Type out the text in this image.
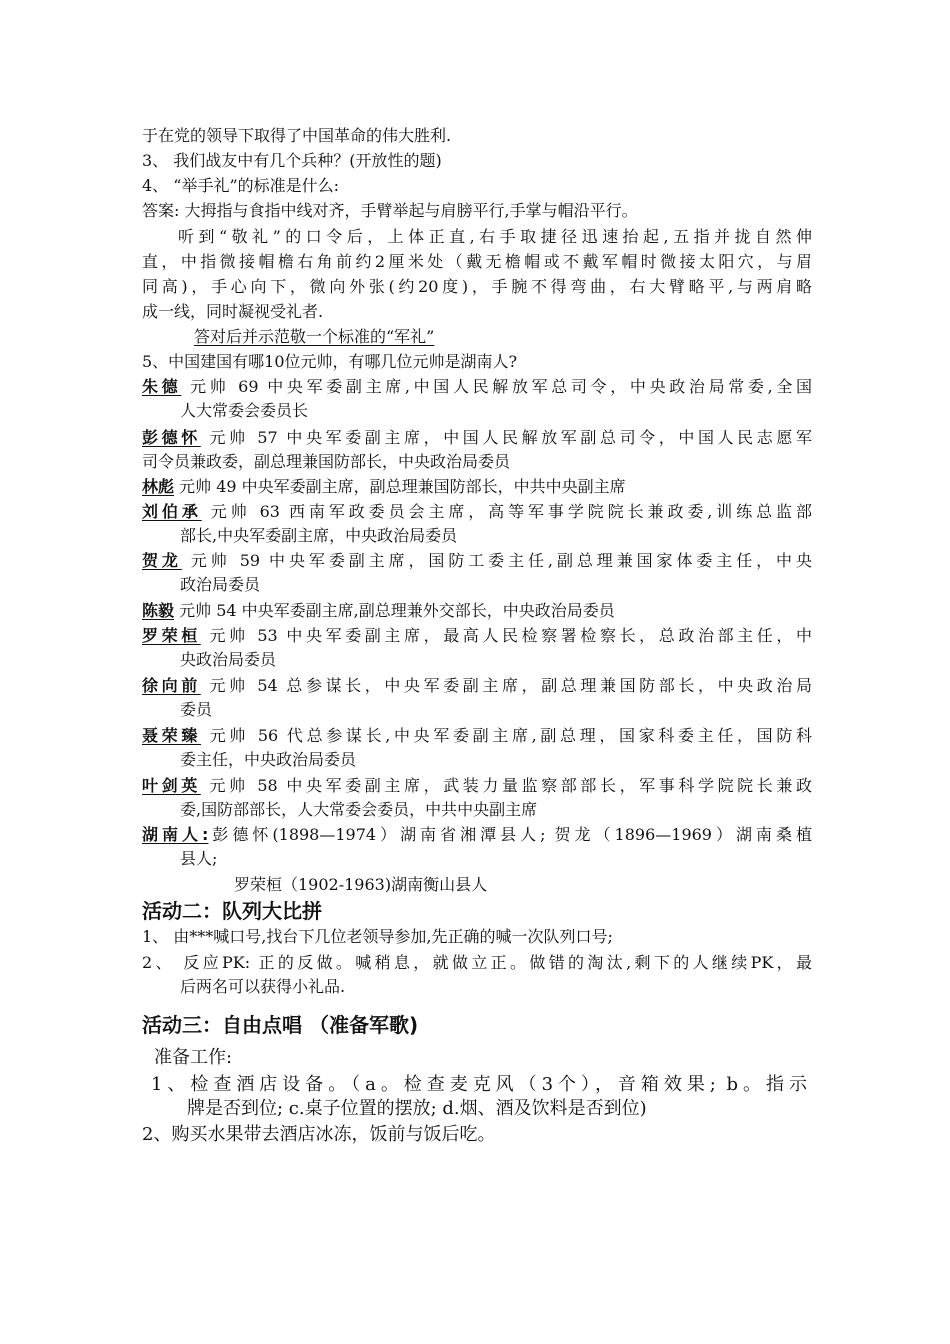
于在党的领导下取得了中国革命的伟大胜利.
3、 我们战友中有几个兵种？(开放性的题)
4、 “举手礼”的标准是什么:
答案: 大拇指与食指中线对齐，手臂举起与肩膀平行,手掌与帽沿平行。
听到“敬礼”的口令后，上体正直,右手取捷径迅速抬起,五指并拢自然伸
直，中指微接帽檐右角前约2厘米处（戴无檐帽或不戴军帽时微接太阳穴，与眉
同高)，手心向下，微向外张(约20度)，手腕不得弯曲，右大臂略平,与两肩略
成一线，同时凝视受礼者.
答对后并示范敬一个标准的“军礼”
5、中国建国有哪10位元帅，有哪几位元帅是湖南人?
朱德 元帅 69 中央军委副主席,中国人民解放军总司令，中央政治局常委,全国
人大常委会委员长
彭德怀 元帅 57 中央军委副主席，中国人民解放军副总司令，中国人民志愿军
司令员兼政委，副总理兼国防部长，中央政治局委员
林彪 元帅 49 中央军委副主席，副总理兼国防部长，中共中央副主席
刘伯承 元帅 63 西南军政委员会主席，高等军事学院院长兼政委,训练总监部
部长,中央军委副主席，中央政治局委员
贺龙 元帅 59 中央军委副主席，国防工委主任,副总理兼国家体委主任，中央
政治局委员
陈毅 元帅 54 中央军委副主席,副总理兼外交部长，中央政治局委员
罗荣桓 元帅 53 中央军委副主席，最高人民检察署检察长，总政治部主任，中
央政治局委员
徐向前 元帅 54 总参谋长，中央军委副主席，副总理兼国防部长，中央政治局
委员
聂荣臻 元帅 56 代总参谋长,中央军委副主席,副总理，国家科委主任，国防科
委主任，中央政治局委员
叶剑英 元帅 58 中央军委副主席，武装力量监察部部长，军事科学院院长兼政
委,国防部部长，人大常委会委员，中共中央副主席
湖南人:彭德怀(1898—1974）湖南省湘潭县人; 贺龙（1896—1969）湖南桑植
县人;
罗荣桓（1902-1963)湖南衡山县人
活动二：队列大比拼
1、 由***喊口号,找台下几位老领导参加,先正确的喊一次队列口号;
2、 反应PK: 正的反做。喊稍息，就做立正。做错的淘汰,剩下的人继续PK，最
后两名可以获得小礼品.
活动三：自由点唱 （准备军歌)
准备工作:
1、检查酒店设备。（a。检查麦克风（3个），音箱效果; b。指示
牌是否到位; c.桌子位置的摆放; d.烟、酒及饮料是否到位)
2、购买水果带去酒店冰冻，饭前与饭后吃。
